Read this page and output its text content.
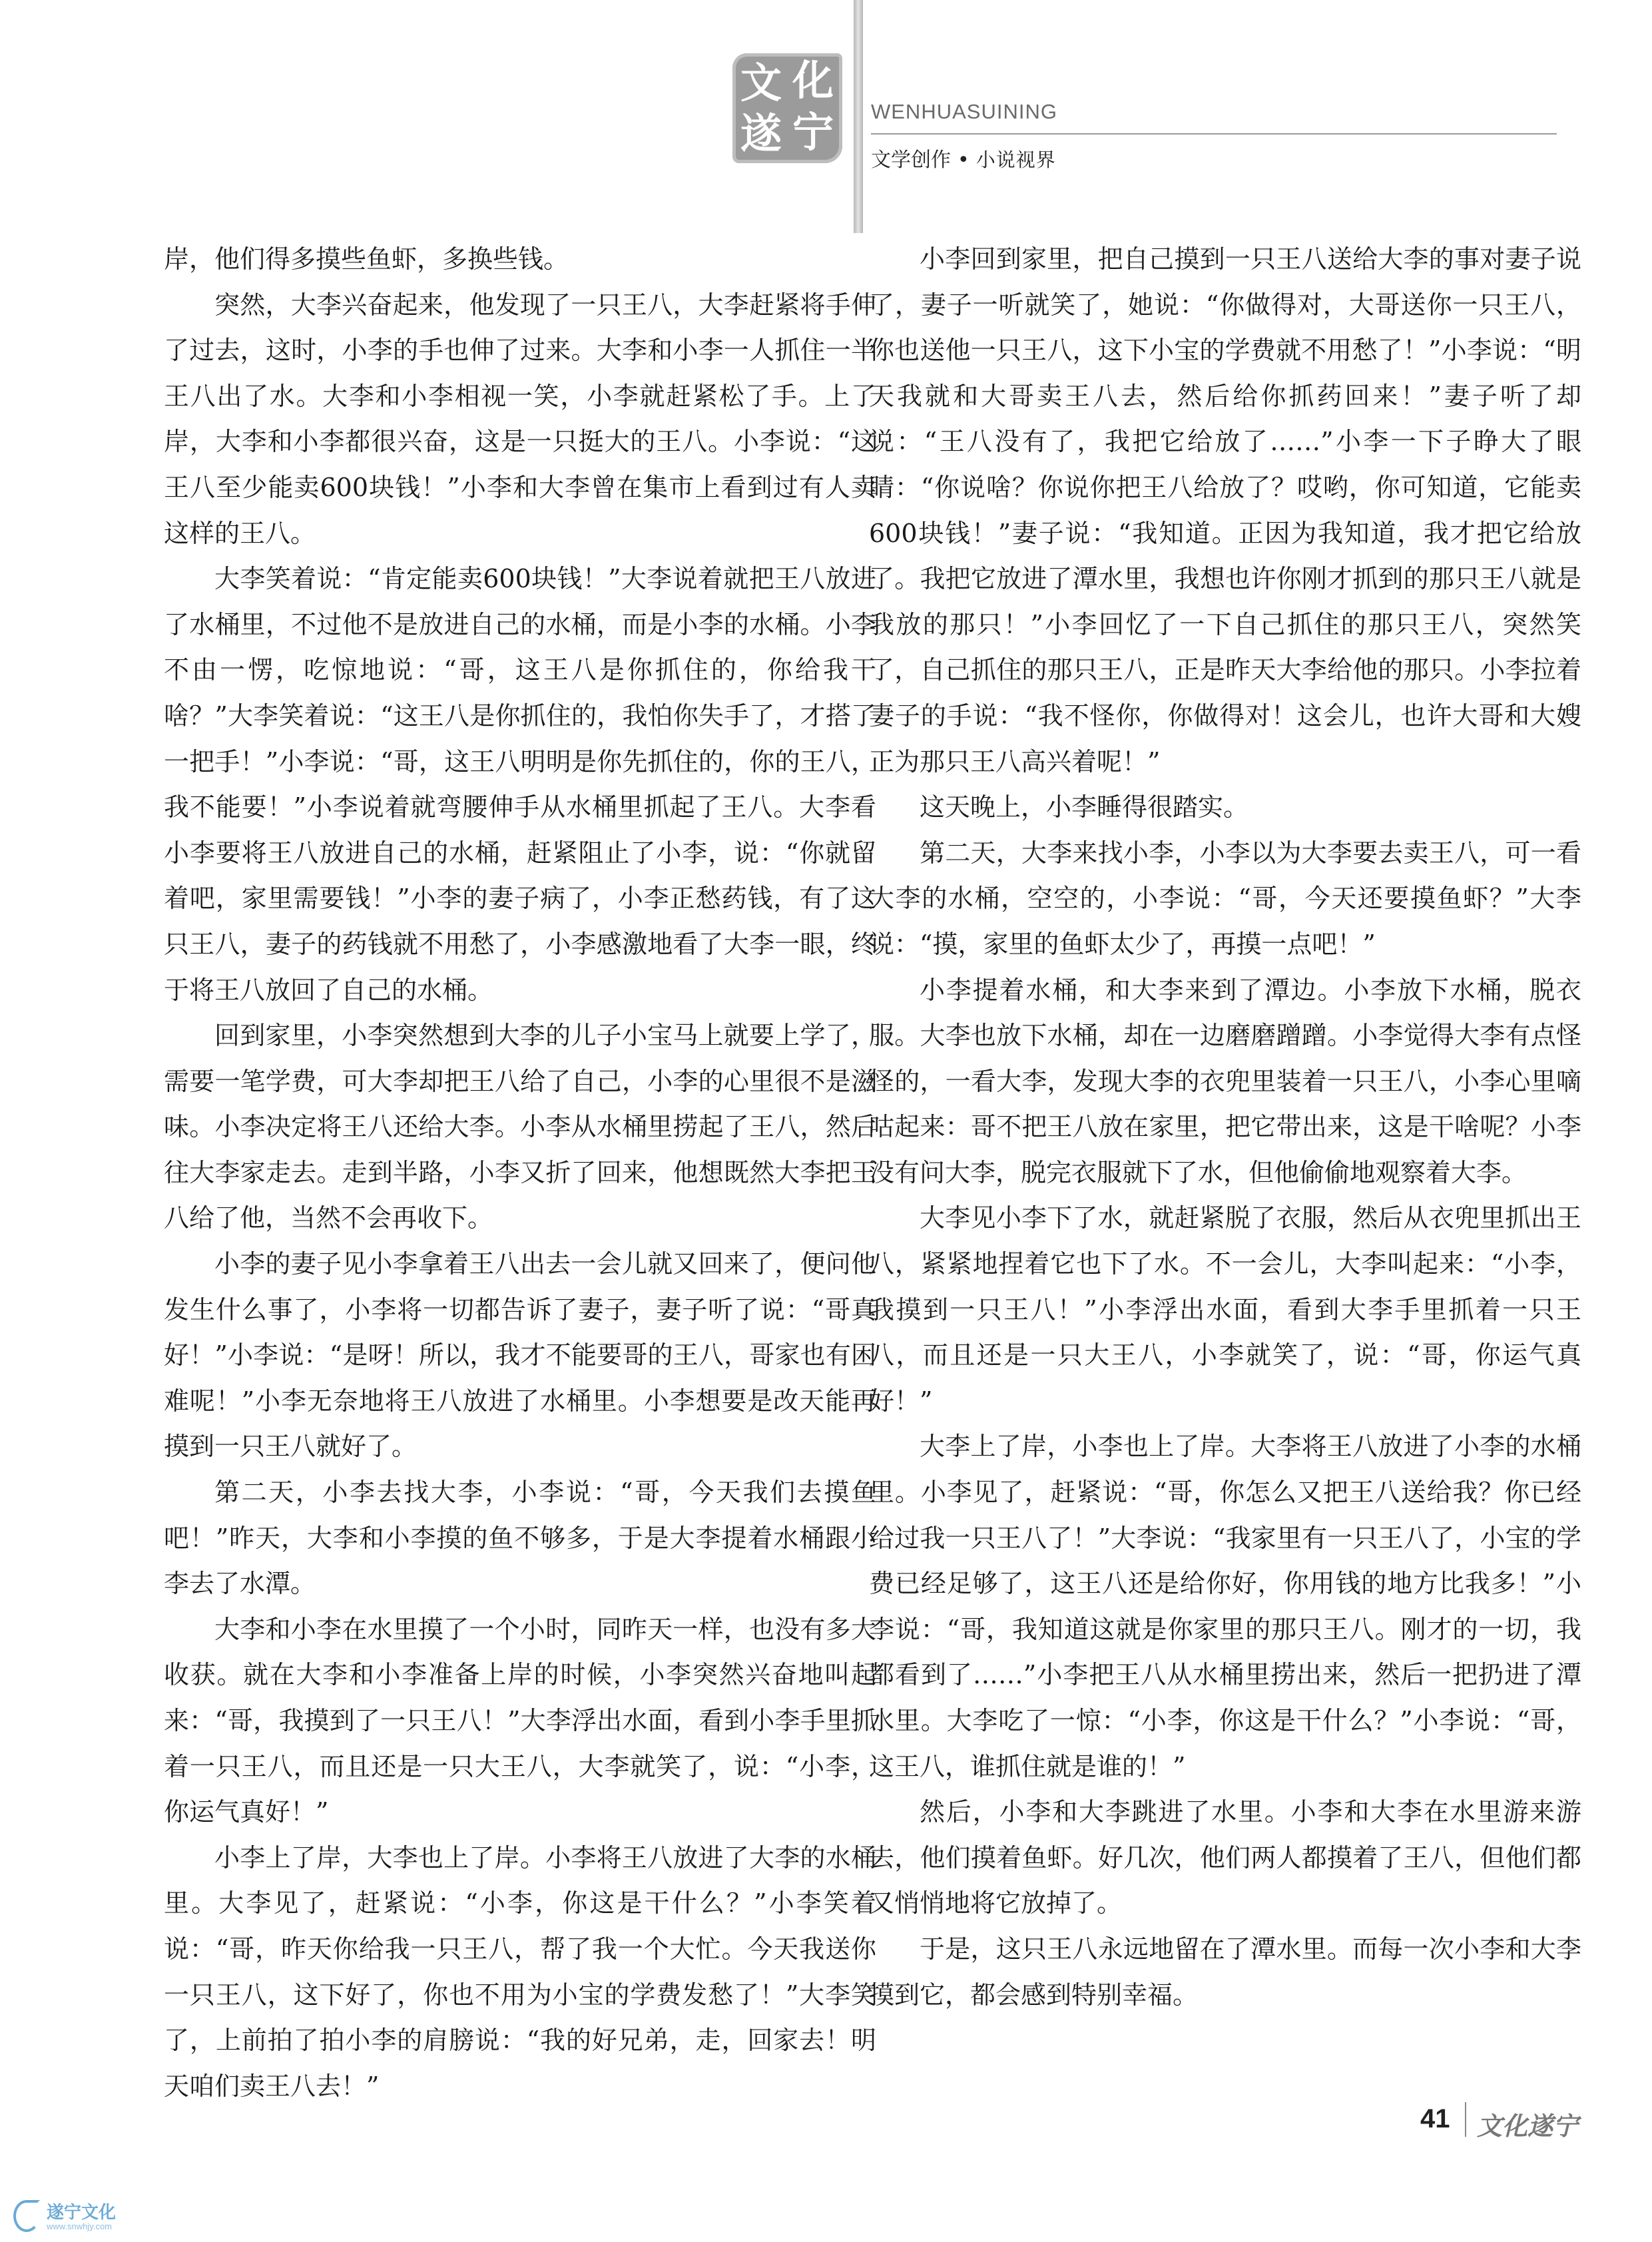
文 化
遂 宁 WENHUASUINING
文学创作 • 小说视界

岸，他们得多摸些鱼虾，多换些钱。

突然，大李兴奋起来，他发现了一只王八，大李赶紧将手伸了过去，这时，小李的手也伸了过来。大李和小李一人抓住一半王八出了水。大李和小李相视一笑，小李就赶紧松了手。上了岸，大李和小李都很兴奋，这是一只挺大的王八。小李说：“这王八至少能卖600块钱！”小李和大李曾在集市上看到过有人卖这样的王八。

大李笑着说：“肯定能卖600块钱！”大李说着就把王八放进了水桶里，不过他不是放进自己的水桶，而是小李的水桶。小李不由一愣，吃惊地说：“哥，这王八是你抓住的，你给我干啥？”大李笑着说：“这王八是你抓住的，我怕你失手了，才搭了一把手！”小李说：“哥，这王八明明是你先抓住的，你的王八，我不能要！”小李说着就弯腰伸手从水桶里抓起了王八。大李看小李要将王八放进自己的水桶，赶紧阻止了小李，说：“你就留着吧，家里需要钱！”小李的妻子病了，小李正愁药钱，有了这只王八，妻子的药钱就不用愁了，小李感激地看了大李一眼，终于将王八放回了自己的水桶。

回到家里，小李突然想到大李的儿子小宝马上就要上学了，需要一笔学费，可大李却把王八给了自己，小李的心里很不是滋味。小李决定将王八还给大李。小李从水桶里捞起了王八，然后往大李家走去。走到半路，小李又折了回来，他想既然大李把王八给了他，当然不会再收下。

小李的妻子见小李拿着王八出去一会儿就又回来了，便问他发生什么事了，小李将一切都告诉了妻子，妻子听了说：“哥真好！”小李说：“是呀！所以，我才不能要哥的王八，哥家也有困难呢！”小李无奈地将王八放进了水桶里。小李想要是改天能再摸到一只王八就好了。

第二天，小李去找大李，小李说：“哥，今天我们去摸鱼吧！”昨天，大李和小李摸的鱼不够多，于是大李提着水桶跟小李去了水潭。

大李和小李在水里摸了一个小时，同昨天一样，也没有多大收获。就在大李和小李准备上岸的时候，小李突然兴奋地叫起来：“哥，我摸到了一只王八！”大李浮出水面，看到小李手里抓着一只王八，而且还是一只大王八，大李就笑了，说：“小李，你运气真好！”

小李上了岸，大李也上了岸。小李将王八放进了大李的水桶里。大李见了，赶紧说：“小李，你这是干什么？”小李笑着说：“哥，昨天你给我一只王八，帮了我一个大忙。今天我送你一只王八，这下好了，你也不用为小宝的学费发愁了！”大李笑了，上前拍了拍小李的肩膀说：“我的好兄弟，走，回家去！明天咱们卖王八去！”

小李回到家里，把自己摸到一只王八送给大李的事对妻子说了，妻子一听就笑了，她说：“你做得对，大哥送你一只王八，你也送他一只王八，这下小宝的学费就不用愁了！”小李说：“明天我就和大哥卖王八去，然后给你抓药回来！”妻子听了却说：“王八没有了，我把它给放了……”小李一下子睁大了眼睛：“你说啥？你说你把王八给放了？哎哟，你可知道，它能卖600块钱！”妻子说：“我知道。正因为我知道，我才把它给放了。我把它放进了潭水里，我想也许你刚才抓到的那只王八就是我放的那只！”小李回忆了一下自己抓住的那只王八，突然笑了，自己抓住的那只王八，正是昨天大李给他的那只。小李拉着妻子的手说：“我不怪你，你做得对！这会儿，也许大哥和大嫂正为那只王八高兴着呢！”

这天晚上，小李睡得很踏实。

第二天，大李来找小李，小李以为大李要去卖王八，可一看大李的水桶，空空的，小李说：“哥，今天还要摸鱼虾？”大李说：“摸，家里的鱼虾太少了，再摸一点吧！”

小李提着水桶，和大李来到了潭边。小李放下水桶，脱衣服。大李也放下水桶，却在一边磨磨蹭蹭。小李觉得大李有点怪怪的，一看大李，发现大李的衣兜里装着一只王八，小李心里嘀咕起来：哥不把王八放在家里，把它带出来，这是干啥呢？小李没有问大李，脱完衣服就下了水，但他偷偷地观察着大李。

大李见小李下了水，就赶紧脱了衣服，然后从衣兜里抓出王八，紧紧地捏着它也下了水。不一会儿，大李叫起来：“小李，我摸到一只王八！”小李浮出水面，看到大李手里抓着一只王八，而且还是一只大王八，小李就笑了，说：“哥，你运气真好！”

大李上了岸，小李也上了岸。大李将王八放进了小李的水桶里。小李见了，赶紧说：“哥，你怎么又把王八送给我？你已经给过我一只王八了！”大李说：“我家里有一只王八了，小宝的学费已经足够了，这王八还是给你好，你用钱的地方比我多！”小李说：“哥，我知道这就是你家里的那只王八。刚才的一切，我都看到了……”小李把王八从水桶里捞出来，然后一把扔进了潭水里。大李吃了一惊：“小李，你这是干什么？”小李说：“哥，这王八，谁抓住就是谁的！”

然后，小李和大李跳进了水里。小李和大李在水里游来游去，他们摸着鱼虾。好几次，他们两人都摸着了王八，但他们都又悄悄地将它放掉了。

于是，这只王八永远地留在了潭水里。而每一次小李和大李摸到它，都会感到特别幸福。

41 文化遂宁
遂宁文化
www.snwhjy.com
